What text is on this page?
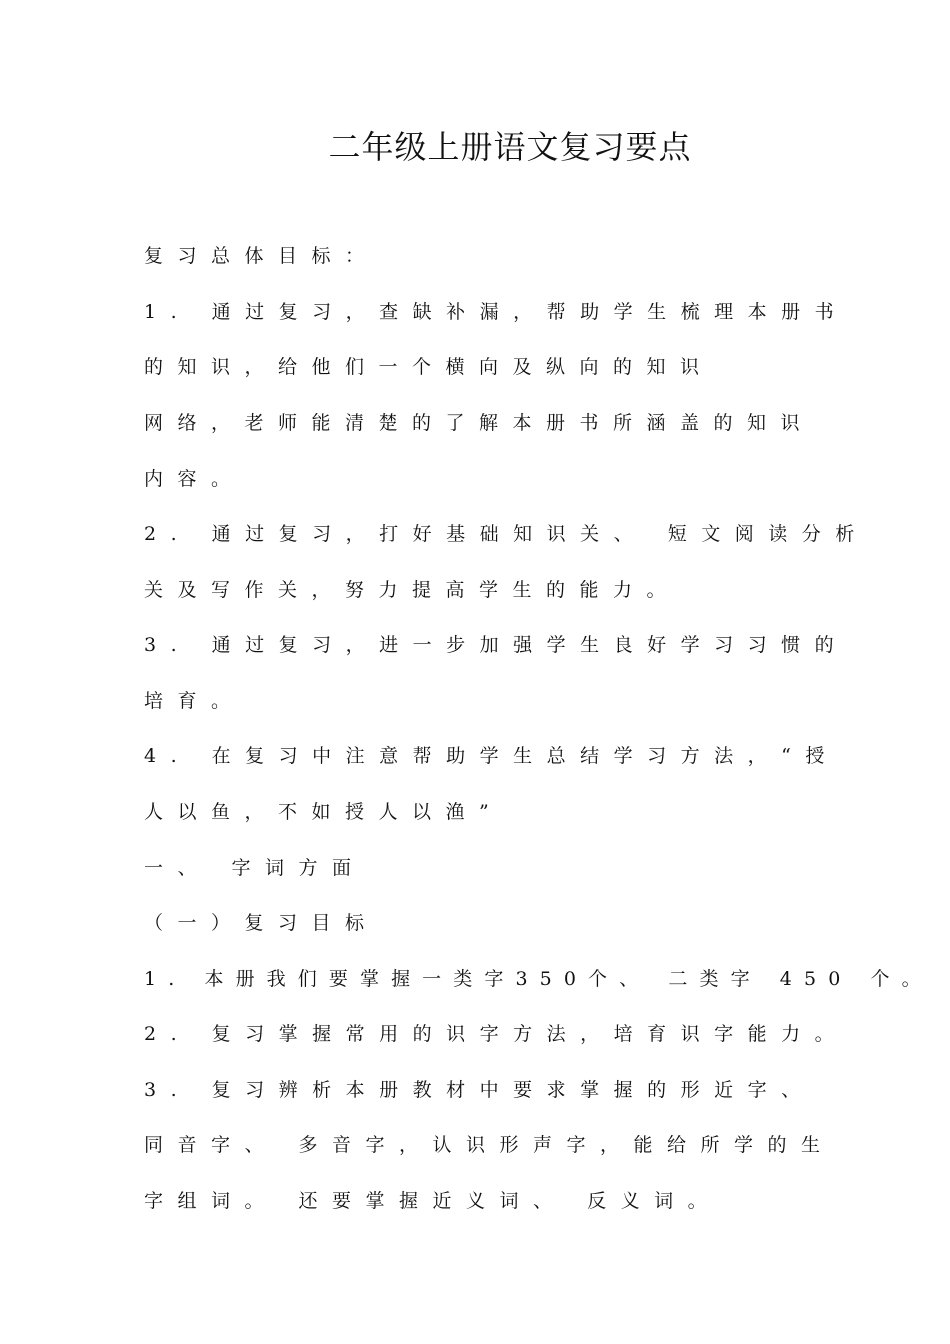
二年级上册语文复习要点

复习总体目标：

1. 通过复习，查缺补漏，帮助学生梳理本册书

的知识，给他们一个横向及纵向的知识

网络，老师能清楚的了解本册书所涵盖的知识

内容。

2. 通过复习，打好基础知识关、 短文阅读分析

关及写作关，努力提高学生的能力。

3. 通过复习，进一步加强学生良好学习习惯的

培育。

4. 在复习中注意帮助学生总结学习方法，“授

人以鱼，不如授人以渔”

一、 字词方面

（一）复习目标

1. 本册我们要掌握一类字350个、 二类字 450 个。

2. 复习掌握常用的识字方法，培育识字能力。

3. 复习辨析本册教材中要求掌握的形近字、

同音字、 多音字，认识形声字，能给所学的生

字组词。 还要掌握近义词、 反义词。
